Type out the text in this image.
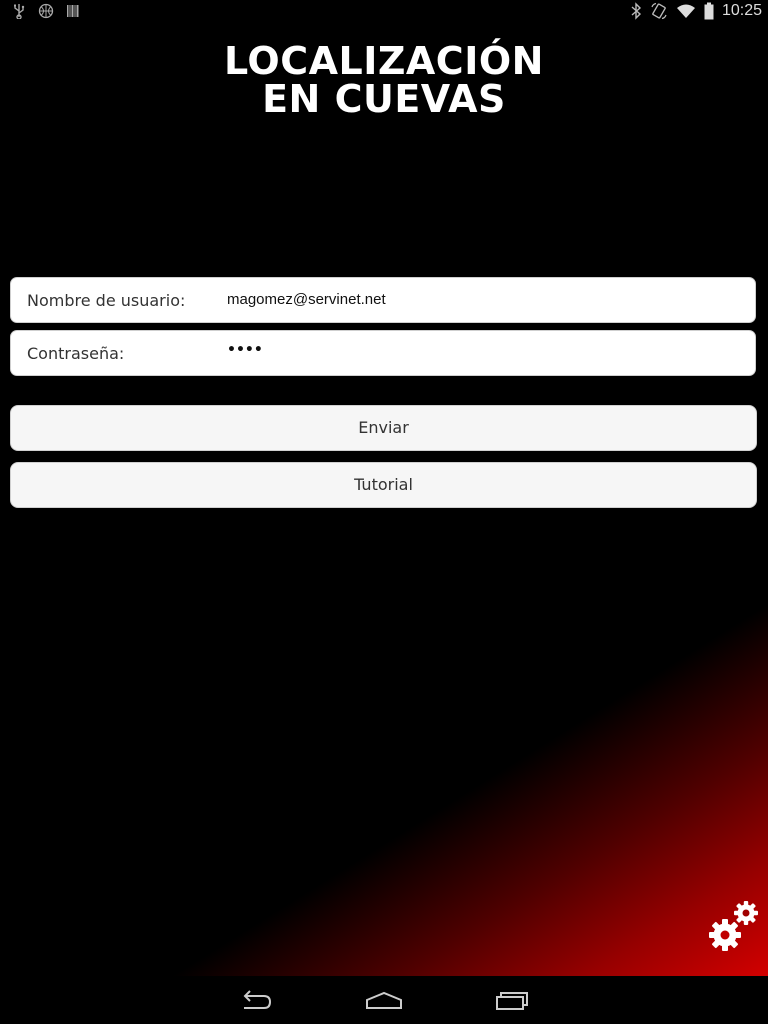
10:25
LOCALIZACIÓN
EN CUEVAS
Nombre de usuario:
magomez@servinet.net
Contraseña:	••••
Enviar
Tutorial
